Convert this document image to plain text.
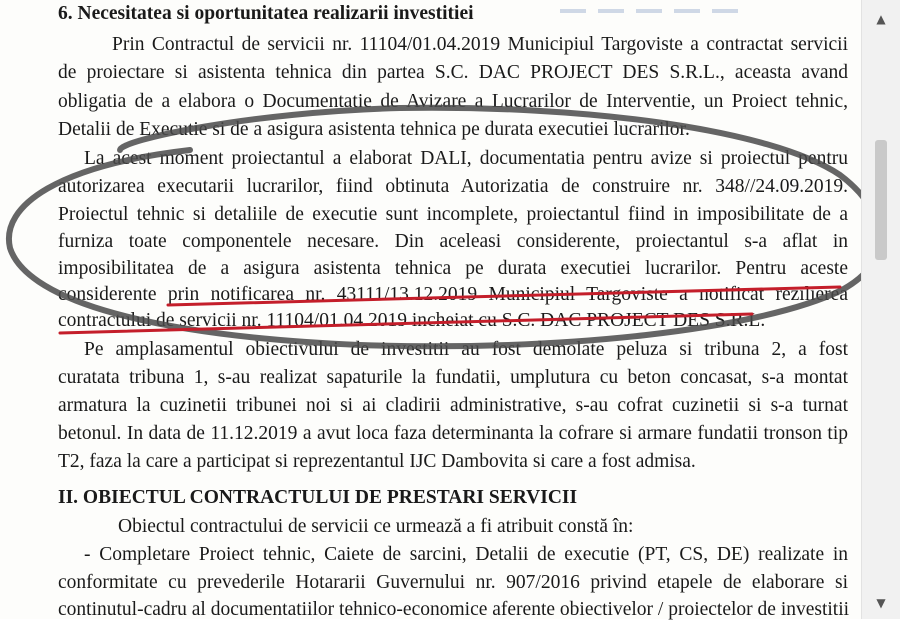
6. Necesitatea si oportunitatea realizarii investitiei
Prin Contractul de servicii nr. 11104/01.04.2019 Municipiul Targoviste a contractat servicii
de proiectare si asistenta tehnica din partea S.C. DAC PROJECT DES S.R.L., aceasta avand
obligatia de a elabora o Documentatie de Avizare a Lucrarilor de Interventie, un Proiect tehnic,
Detalii de Executie si de a asigura asistenta tehnica pe durata executiei lucrarilor.
La acest moment proiectantul a elaborat DALI, documentatia pentru avize si proiectul pentru
autorizarea executarii lucrarilor, fiind obtinuta Autorizatia de construire nr. 348//24.09.2019.
Proiectul tehnic si detaliile de executie sunt incomplete, proiectantul fiind in imposibilitate de a
furniza toate componentele necesare. Din aceleasi considerente, proiectantul s-a aflat in
imposibilitatea de a asigura asistenta tehnica pe durata executiei lucrarilor. Pentru aceste
considerente prin notificarea nr. 43111/13.12.2019 Municipiul Targoviste a notificat rezilierea
contractului de servicii nr. 11104/01.04.2019 incheiat cu S.C. DAC PROJECT DES S.R.L.
Pe amplasamentul obiectivului de investitii au fost demolate peluza si tribuna 2, a fost
curatata tribuna 1, s-au realizat sapaturile la fundatii, umplutura cu beton concasat, s-a montat
armatura la cuzinetii tribunei noi si ai cladirii administrative, s-au cofrat cuzinetii si s-a turnat
betonul. In data de 11.12.2019 a avut loca faza determinanta la cofrare si armare fundatii tronson tip
T2, faza la care a participat si reprezentantul IJC Dambovita si care a fost admisa.
II. OBIECTUL CONTRACTULUI DE PRESTARI SERVICII
Obiectul contractului de servicii ce urmează a fi atribuit constă în:
- Completare Proiect tehnic, Caiete de sarcini, Detalii de executie (PT, CS, DE) realizate in
conformitate cu prevederile Hotararii Guvernului nr. 907/2016 privind etapele de elaborare si
continutul-cadru al documentatiilor tehnico-economice aferente obiectivelor / proiectelor de investitii
▲
▼
